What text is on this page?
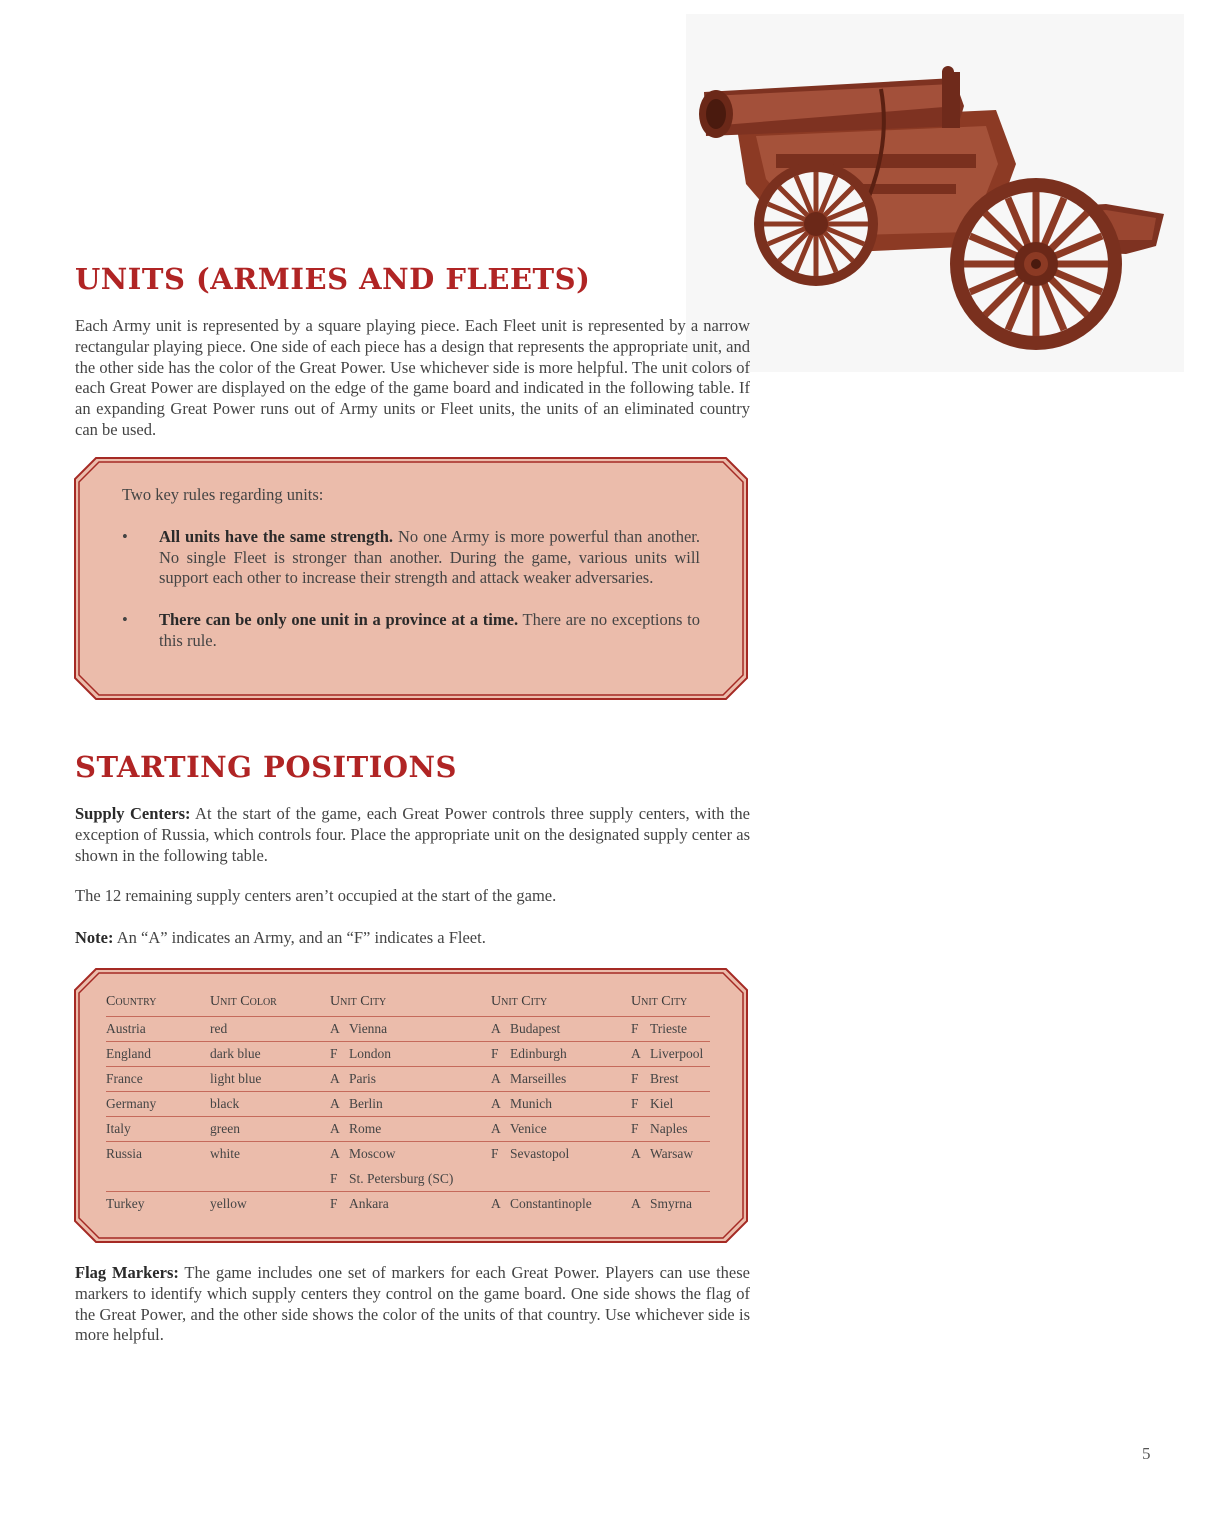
UNITS (ARMIES AND FLEETS)

Each Army unit is represented by a square playing piece. Each Fleet unit is represented by a narrow rectangular playing piece. One side of each piece has a design that represents the appropriate unit, and the other side has the color of the Great Power. Use whichever side is more helpful. The unit colors of each Great Power are displayed on the edge of the game board and indicated in the following table. If an expanding Great Power runs out of Army units or Fleet units, the units of an eliminated country can be used.

Two key rules regarding units:

• All units have the same strength. No one Army is more powerful than another. No single Fleet is stronger than another. During the game, various units will support each other to increase their strength and attack weaker adversaries.
• There can be only one unit in a province at a time. There are no exceptions to this rule.
STARTING POSITIONS

Supply Centers: At the start of the game, each Great Power controls three supply centers, with the exception of Russia, which controls four. Place the appropriate unit on the designated supply center as shown in the following table.

The 12 remaining supply centers aren’t occupied at the start of the game.

Note: An “A” indicates an Army, and an “F” indicates a Fleet.

Country	Unit Color	Unit City	Unit City	Unit City
Austria	red	A Vienna	A Budapest	F Trieste
England	dark blue	F London	F Edinburgh	A Liverpool
France	light blue	A Paris	A Marseilles	F Brest
Germany	black	A Berlin	A Munich	F Kiel
Italy	green	A Rome	A Venice	F Naples
Russia	white	A Moscow	F Sevastopol	A Warsaw
		F St. Petersburg (SC)		
Turkey	yellow	F Ankara	A Constantinople	A Smyrna

Flag Markers: The game includes one set of markers for each Great Power. Players can use these markers to identify which supply centers they control on the game board. One side shows the flag of the Great Power, and the other side shows the color of the units of that country. Use whichever side is more helpful.

5
